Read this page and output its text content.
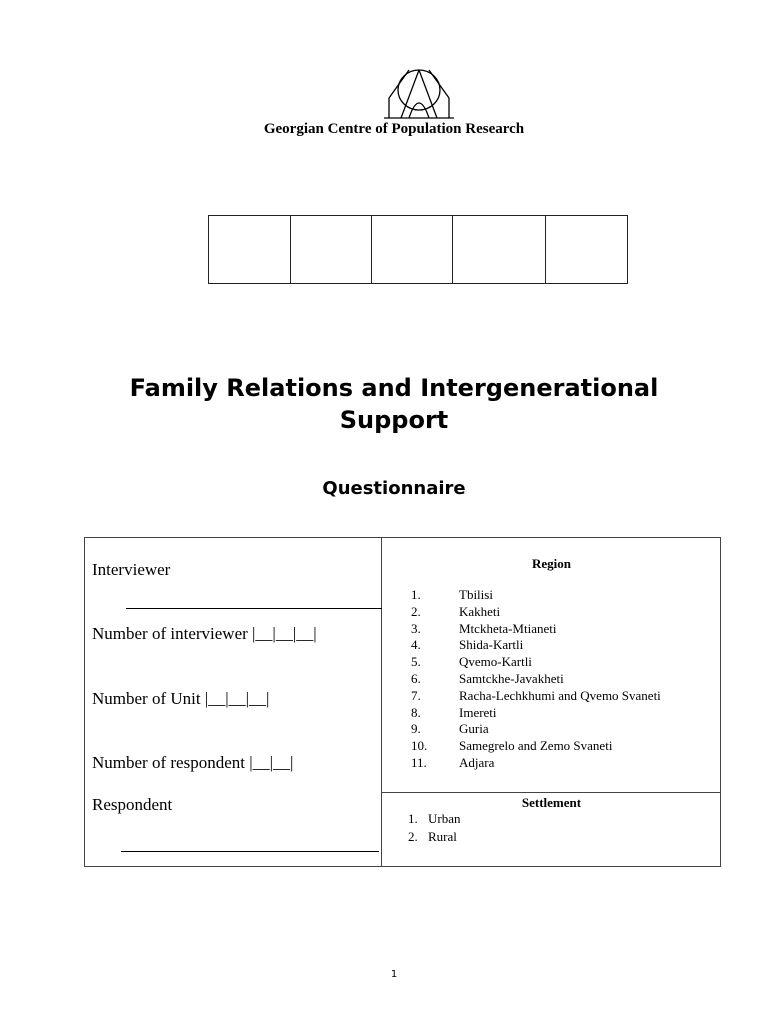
Georgian Centre of Population Research
Family Relations and Intergenerational
Support
Questionnaire
Interviewer
Number of interviewer |__|__|__|
Number of Unit |__|__|__|
Number of respondent |__|__|
Respondent
Region
1.	Tbilisi
2.	Kakheti
3.	Mtckheta-Mtianeti
4.	Shida-Kartli
5.	Qvemo-Kartli
6.	Samtckhe-Javakheti
7.	Racha-Lechkhumi and Qvemo Svaneti
8.	Imereti
9.	Guria
10.	Samegrelo and Zemo Svaneti
11.	Adjara
Settlement
1. Urban
2. Rural
1
